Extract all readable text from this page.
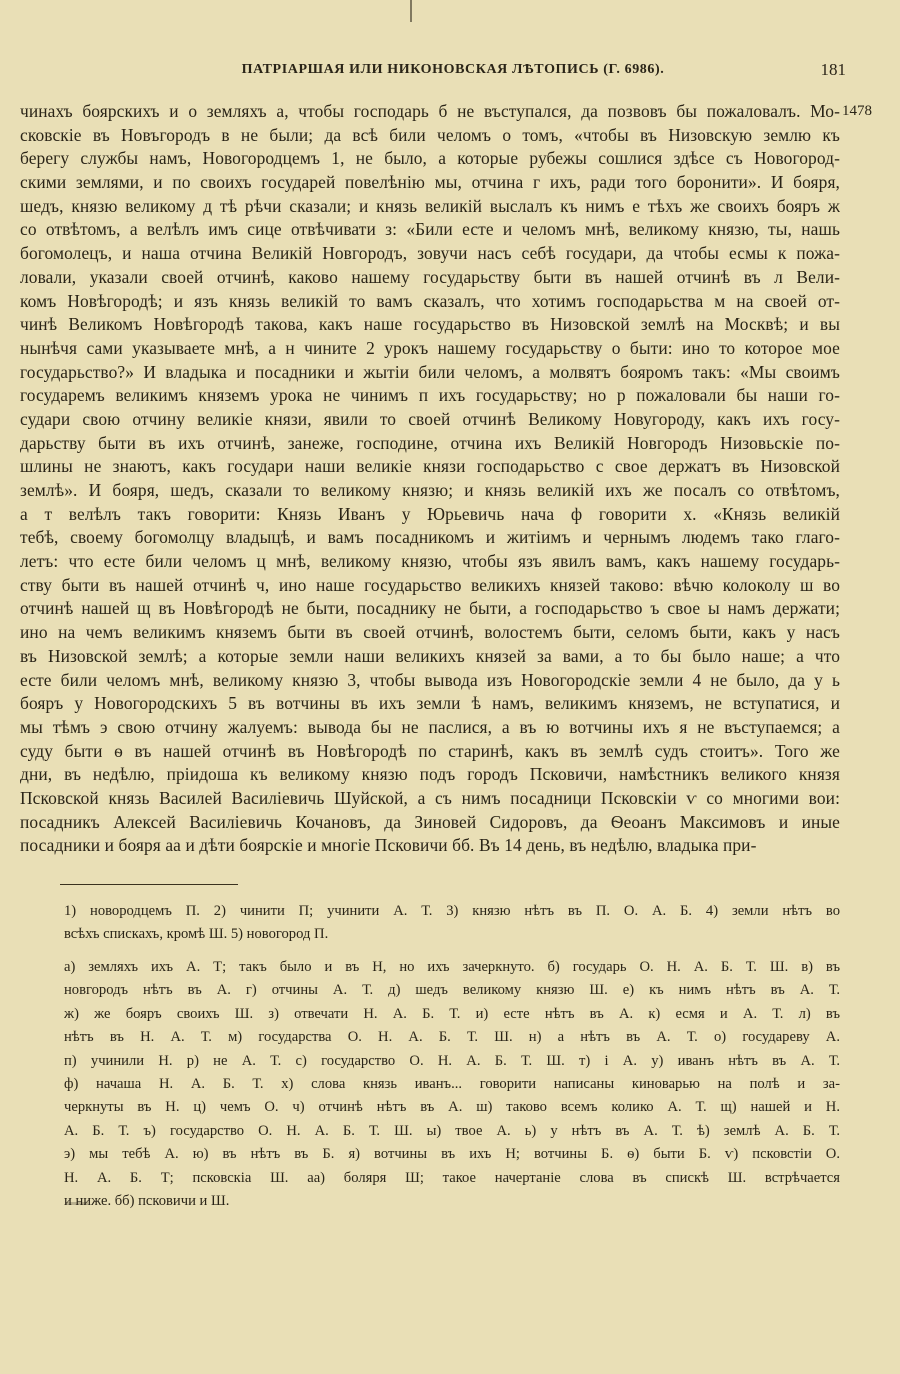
ПАТРІАРШАЯ ИЛИ НИКОНОВСКАЯ ЛѢТОПИСЬ (Г. 6986).	181
1478
чинахъ боярскихъ и о земляхъ а, чтобы господарь б не въступался, да позвовъ бы пожаловалъ. Мо-
сковскіе въ Новъгородъ в не были; да всѣ били челомъ о томъ, «чтобы въ Низовскую землю къ
берегу службы намъ, Новогородцемъ 1, не было, а которые рубежы сошлися здѣсе съ Новогород-
скими землями, и по своихъ государей повелѣнію мы, отчина г ихъ, ради того боронити». И бояря,
шедъ, князю великому д тѣ рѣчи сказали; и князь великій выслалъ къ нимъ е тѣхъ же своихъ бояръ ж
со отвѣтомъ, а велѣлъ имъ сице отвѣчивати з: «Били есте и челомъ мнѣ, великому князю, ты, нашь
богомолецъ, и наша отчина Великій Новгородъ, зовучи насъ себѣ государи, да чтобы есмы к пожа-
ловали, указали своей отчинѣ, каково нашему государьству быти въ нашей отчинѣ въ л Вели-
комъ Новѣгородѣ; и язъ князь великій то вамъ сказалъ, что хотимъ господарьства м на своей от-
чинѣ Великомъ Новѣгородѣ такова, какъ наше государьство въ Низовской землѣ на Москвѣ; и вы
нынѣчя сами указываете мнѣ, а н чините 2 урокъ нашему государьству о быти: ино то которое мое
государьство?» И владыка и посадники и жытіи били челомъ, а молвятъ бояромъ такъ: «Мы своимъ
государемъ великимъ княземъ урока не чинимъ п ихъ государьству; но р пожаловали бы наши го-
судари свою отчину великіе князи, явили то своей отчинѣ Великому Новугороду, какъ ихъ госу-
дарьству быти въ ихъ отчинѣ, занеже, господине, отчина ихъ Великій Новгородъ Низовьскіе по-
шлины не знаютъ, какъ государи наши великіе князи господарьство с свое держатъ въ Низовской
землѣ». И бояря, шедъ, сказали то великому князю; и князь великій ихъ же посалъ со отвѣтомъ,
а т велѣлъ такъ говорити: Князь Иванъ у Юрьевичь нача ф говорити х. «Князь великій
тебѣ, своему богомолцу владыцѣ, и вамъ посадникомъ и житіимъ и чернымъ людемъ тако глаго-
летъ: что есте били челомъ ц мнѣ, великому князю, чтобы язъ явилъ вамъ, какъ нашему государь-
ству быти въ нашей отчинѣ ч, ино наше государьство великихъ князей таково: вѣчю колоколу ш во
отчинѣ нашей щ въ Новѣгородѣ не быти, посаднику не быти, а господарьство ъ свое ы намъ держати;
ино на чемъ великимъ княземъ быти въ своей отчинѣ, волостемъ быти, селомъ быти, какъ у насъ
въ Низовской землѣ; а которые земли наши великихъ князей за вами, а то бы было наше; а что
есте били челомъ мнѣ, великому князю 3, чтобы вывода изъ Новогородскіе земли 4 не было, да у ь
бояръ у Новогородскихъ 5 въ вотчины въ ихъ земли ѣ намъ, великимъ княземъ, не вступатися, и
мы тѣмъ э свою отчину жалуемъ: вывода бы не паслися, а въ ю вотчины ихъ я не въступаемся; а
суду быти ѳ въ нашей отчинѣ въ Новѣгородѣ по старинѣ, какъ въ землѣ судъ стоитъ». Того же
дни, въ недѣлю, пріидоша къ великому князю подъ городъ Псковичи, намѣстникъ великого князя
Псковской князь Василей Василіевичь Шуйской, а съ нимъ посадници Псковскіи ѵ со многими вои:
посадникъ Алексей Василіевичь Кочановъ, да Зиновей Сидоровъ, да Ѳеоанъ Максимовъ и иные
посадники и бояря аа и дѣти боярскіе и многіе Псковичи бб. Въ 14 день, въ недѣлю, владыка при-
1) новородцемъ П. 2) чинити П; учинити А. Т. 3) князю нѣтъ въ П. О. А. Б. 4) земли нѣтъ во
всѣхъ спискахъ, кромѣ Ш. 5) новогород П.
а) земляхъ ихъ А. Т; такъ было и въ Н, но ихъ зачеркнуто. б) государь О. Н. А. Б. Т. Ш. в) въ
новгородъ нѣтъ въ А. г) отчины А. Т. д) шедъ великому князю Ш. е) къ нимъ нѣтъ въ А. Т.
ж) же бояръ своихъ Ш. з) отвечати Н. А. Б. Т. и) есте нѣтъ въ А. к) есмя и А. Т. л) въ
нѣтъ въ Н. А. Т. м) государства О. Н. А. Б. Т. Ш. н) а нѣтъ въ А. Т. о) государеву А.
п) учинили Н. р) не А. Т. с) государство О. Н. А. Б. Т. Ш. т) і А. у) иванъ нѣтъ въ А. Т.
ф) начаша Н. А. Б. Т. х) слова князь иванъ... говорити написаны киноварью на полѣ и за-
черкнуты въ Н. ц) чемъ О. ч) отчинѣ нѣтъ въ А. ш) таково всемъ колико А. Т. щ) нашей и Н.
А. Б. Т. ъ) государство О. Н. А. Б. Т. Ш. ы) твое А. ь) у нѣтъ въ А. Т. ѣ) землѣ А. Б. Т.
э) мы тебѣ А. ю) въ нѣтъ въ Б. я) вотчины въ ихъ Н; вотчины Б. ѳ) быти Б. ѵ) псковстіи О.
Н. А. Б. Т; псковскіа Ш. аа) боляря Ш; такое начертаніе слова въ спискѣ Ш. встрѣчается
и ниже. бб) псковичи и Ш.
